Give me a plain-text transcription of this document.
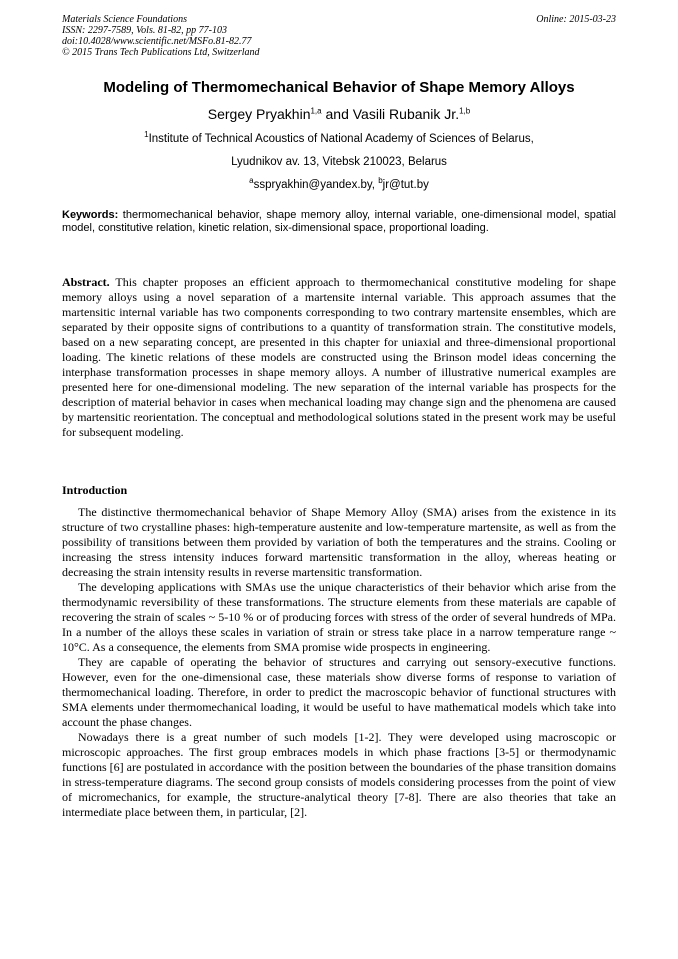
Materials Science Foundations
ISSN: 2297-7589, Vols. 81-82, pp 77-103
doi:10.4028/www.scientific.net/MSFo.81-82.77
© 2015 Trans Tech Publications Ltd, Switzerland
Online: 2015-03-23
Modeling of Thermomechanical Behavior of Shape Memory Alloys
Sergey Pryakhin$^{1,a}$ and Vasili Rubanik Jr.$^{1,b}$
$^1$Institute of Technical Acoustics of National Academy of Sciences of Belarus,
Lyudnikov av. 13, Vitebsk 210023, Belarus
$^a$sspryakhin@yandex.by, $^b$jr@tut.by
Keywords: thermomechanical behavior, shape memory alloy, internal variable, one-dimensional model, spatial model, constitutive relation, kinetic relation, six-dimensional space, proportional loading.
Abstract. This chapter proposes an efficient approach to thermomechanical constitutive modeling for shape memory alloys using a novel separation of a martensite internal variable. This approach assumes that the martensitic internal variable has two components corresponding to two contrary martensite ensembles, which are separated by their opposite signs of contributions to a quantity of transformation strain. The constitutive models, based on a new separating concept, are presented in this chapter for uniaxial and three-dimensional proportional loading. The kinetic relations of these models are constructed using the Brinson model ideas concerning the interphase transformation processes in shape memory alloys. A number of illustrative numerical examples are presented here for one-dimensional modeling. The new separation of the internal variable has prospects for the description of material behavior in cases when mechanical loading may change sign and the phenomena are caused by martensitic reorientation. The conceptual and methodological solutions stated in the present work may be useful for subsequent modeling.
Introduction

The distinctive thermomechanical behavior of Shape Memory Alloy (SMA) arises from the existence in its structure of two crystalline phases: high-temperature austenite and low-temperature martensite, as well as from the possibility of transitions between them provided by variation of both the temperatures and the strains. Cooling or increasing the stress intensity induces forward martensitic transformation in the alloy, whereas heating or decreasing the strain intensity results in reverse martensitic transformation.

The developing applications with SMAs use the unique characteristics of their behavior which arise from the thermodynamic reversibility of these transformations. The structure elements from these materials are capable of recovering the strain of scales ~ 5-10 % or of producing forces with stress of the order of several hundreds of MPa. In a number of the alloys these scales in variation of strain or stress take place in a narrow temperature range ~ 10°C. As a consequence, the elements from SMA promise wide prospects in engineering.

They are capable of operating the behavior of structures and carrying out sensory-executive functions. However, even for the one-dimensional case, these materials show diverse forms of response to variation of thermomechanical loading. Therefore, in order to predict the macroscopic behavior of functional structures with SMA elements under thermomechanical loading, it would be useful to have mathematical models which take into account the phase changes.

Nowadays there is a great number of such models [1-2]. They were developed using macroscopic or microscopic approaches. The first group embraces models in which phase fractions [3-5] or thermodynamic functions [6] are postulated in accordance with the position between the boundaries of the phase transition domains in stress-temperature diagrams. The second group consists of models considering processes from the point of view of micromechanics, for example, the structure-analytical theory [7-8]. There are also theories that take an intermediate place between them, in particular, [2].
